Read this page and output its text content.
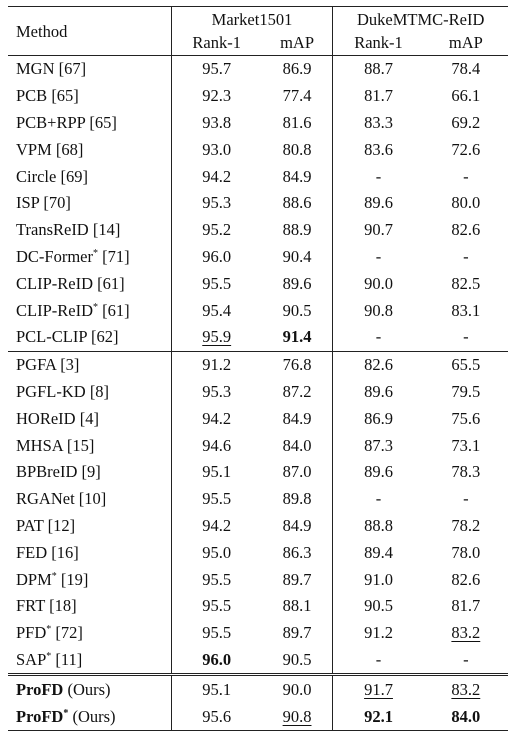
Method	Market1501		DukeMTMC-ReID	
	Rank-1	mAP	Rank-1	mAP
MGN [67]	95.7	86.9	88.7	78.4
PCB [65]	92.3	77.4	81.7	66.1
PCB+RPP [65]	93.8	81.6	83.3	69.2
VPM [68]	93.0	80.8	83.6	72.6
Circle [69]	94.2	84.9	-	-
ISP [70]	95.3	88.6	89.6	80.0
TransReID [14]	95.2	88.9	90.7	82.6
DC-Former* [71]	96.0	90.4	-	-
CLIP-ReID [61]	95.5	89.6	90.0	82.5
CLIP-ReID* [61]	95.4	90.5	90.8	83.1
PCL-CLIP [62]	95.9	91.4	-	-
PGFA [3]	91.2	76.8	82.6	65.5
PGFL-KD [8]	95.3	87.2	89.6	79.5
HOReID [4]	94.2	84.9	86.9	75.6
MHSA [15]	94.6	84.0	87.3	73.1
BPBreID [9]	95.1	87.0	89.6	78.3
RGANet [10]	95.5	89.8	-	-
PAT [12]	94.2	84.9	88.8	78.2
FED [16]	95.0	86.3	89.4	78.0
DPM* [19]	95.5	89.7	91.0	82.6
FRT [18]	95.5	88.1	90.5	81.7
PFD* [72]	95.5	89.7	91.2	83.2
SAP* [11]	96.0	90.5	-	-
ProFD (Ours)	95.1	90.0	91.7	83.2
ProFD* (Ours)	95.6	90.8	92.1	84.0
